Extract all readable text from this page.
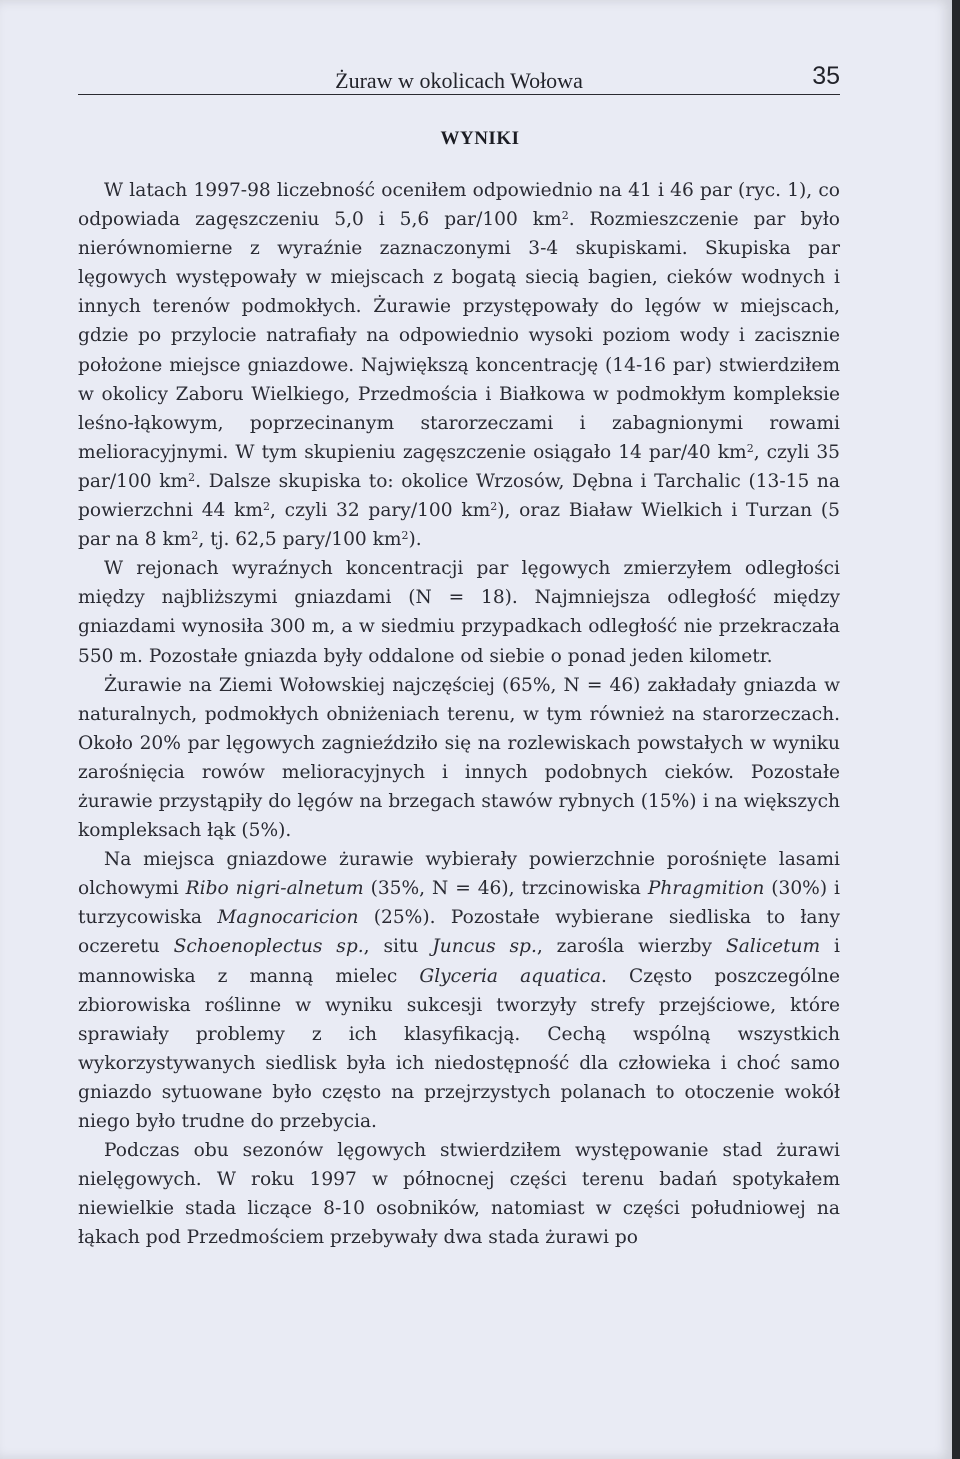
Żuraw w okolicach Wołowa	35
WYNIKI

W latach 1997-98 liczebność oceniłem odpowiednio na 41 i 46 par (ryc. 1), co odpowiada zagęszczeniu 5,0 i 5,6 par/100 $km^2$. Rozmieszczenie par było nierównomierne z wyraźnie zaznaczonymi 3-4 skupiskami. Skupiska par lęgowych występowały w miejscach z bogatą siecią bagien, cieków wodnych i innych terenów podmokłych. Żurawie przystępowały do lęgów w miejscach, gdzie po przylocie natrafiały na odpowiednio wysoki poziom wody i zacisznie położone miejsce gniazdowe. Największą koncentrację (14-16 par) stwierdziłem w okolicy Zaboru Wielkiego, Przedmościa i Białkowa w podmokłym kompleksie leśno-łąkowym, poprzecinanym starorzeczami i zabagnionymi rowami melioracyjnymi. W tym skupieniu zagęszczenie osiągało 14 par/40 $km^2$, czyli 35 par/100 $km^2$. Dalsze skupiska to: okolice Wrzosów, Dębna i Tarchalic (13-15 na powierzchni 44 $km^2$, czyli 32 pary/100 $km^2$), oraz Biaław Wielkich i Turzan (5 par na 8 $km^2$, tj. 62,5 pary/100 $km^2$).

W rejonach wyraźnych koncentracji par lęgowych zmierzyłem odległości między najbliższymi gniazdami (N = 18). Najmniejsza odległość między gniazdami wynosiła 300 m, a w siedmiu przypadkach odległość nie przekraczała 550 m. Pozostałe gniazda były oddalone od siebie o ponad jeden kilometr.

Żurawie na Ziemi Wołowskiej najczęściej (65%, N = 46) zakładały gniazda w naturalnych, podmokłych obniżeniach terenu, w tym również na starorzeczach. Około 20% par lęgowych zagnieździło się na rozlewiskach powstałych w wyniku zarośnięcia rowów melioracyjnych i innych podobnych cieków. Pozostałe żurawie przystąpiły do lęgów na brzegach stawów rybnych (15%) i na większych kompleksach łąk (5%).

Na miejsca gniazdowe żurawie wybierały powierzchnie porośnięte lasami olchowymi Ribo nigri-alnetum (35%, N = 46), trzcinowiska Phragmition (30%) i turzycowiska Magnocaricion (25%). Pozostałe wybierane siedliska to łany oczeretu Schoenoplectus sp., situ Juncus sp., zarośla wierzby Salicetum i mannowiska z manną mielec Glyceria aquatica. Często poszczególne zbiorowiska roślinne w wyniku sukcesji tworzyły strefy przejściowe, które sprawiały problemy z ich klasyfikacją. Cechą wspólną wszystkich wykorzystywanych siedlisk była ich niedostępność dla człowieka i choć samo gniazdo sytuowane było często na przejrzystych polanach to otoczenie wokół niego było trudne do przebycia.

Podczas obu sezonów lęgowych stwierdziłem występowanie stad żurawi nielęgowych. W roku 1997 w północnej części terenu badań spotykałem niewielkie stada liczące 8-10 osobników, natomiast w części południowej na łąkach pod Przedmościem przebywały dwa stada żurawi po
